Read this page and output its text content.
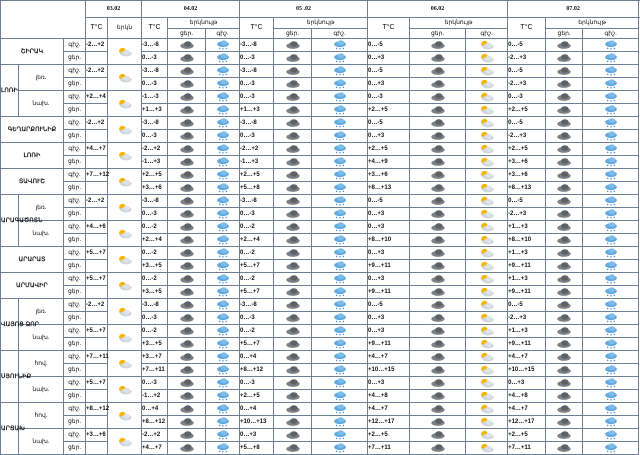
			03.02		04.02			05 .02			06.02			07.02	
			T°C	երկն	T°C	երկնույթ		T°C	երկնույթ		T°C	երկնույթ		T°C	երկնույթ		
						ցեր.	գիշ.		ցեր.	գիշ.		ցեր.	գիշ.		ցեր.	գիշ.		
ՇԻՐԱԿ		գիշ.	-2…+2		-3…-8			-3…-8			0…-5			0…-5	

		ցեր.			0…-3			0…-3			0…+3			-2…+3	

ԼՈՌԻ	լեռ.	գիշ.	-2…+2		-3…-8			-3…-8			0…-5			0…-5	

		ցեր.			0…-3			0…-3			0…+3			-2…+3	

	նախ.	գիշ.	+2…+4		-1…-3			0…-3			0…-3			0…-3	

		ցեր.			+1…+3			+1…+3			+2…+5			+2…+5	

ԳԵՂԱՐՔՈՒՆԻՔ		գիշ.	-2…+2		-3…-8			-3…-8			0…-5			0…-5	

		ցեր.			0…-3			0…-3			0…+3			-2…+3	

ԼՈՌԻ		գիշ.	+4…+7		-2…+2			-2…+2			+2…+5			+2…+5	

		ցեր.			-1…+3			-1…+3			+4…+9			+3…+6	

ՏԱՎՈՒՇ		գիշ.	+7…+12		+2…+5			+2…+5			+3…+6			+3…+6	

		ցեր.			+3…+6			+5…+8			+8…+13			+8…+13	

ԱՐԱԳԱԾՈՏՆ	լեռ.	գիշ.	-2…+2		-3…-8			-3…-8			0…-5			0…-5	

		ցեր.			0…-3			0…-3			0…+3			-2…+3	

	նախ.	գիշ.	+4…+6		0…-2			0…-2			0…+3			+1…+3	

		ցեր.			+2…+4			+2…+4			+8…+10			+8…+10	

ԱՐԱՐԱՏ		գիշ.	+5…+7		0…-2			0…-2			0…+3			+1…+3	

		ցեր.			+3…+5			+5…+7			+9…+11			+9…+11	

ԱՐՄԱՎԻՐ		գիշ.	+5…+7		0…-2			0…-2			0…+3			+1…+3	

		ցեր.			+3…+5			+5…+7			+9…+11			+9…+11	

ՎԱՅՈՑ ՁՈՐ	լեռ.	գիշ.	-2…+2		-3…-8			-3…-8			0…-5			0…-5	

		ցեր.			0…-3			0…-3			0…+3			-2…+3	

	նախ.	գիշ.	+5…+7		0…-2			0…-2			0…+3			+1…+3	

		ցեր.			+3…+5			+5…+7			+9…+11			+9…+11	

ՍՅՈՒՆԻՔ	հով.	գիշ.	+7…+11		+3…+7			0…+4			+4…+7			+4…+7	

		ցեր.			+7…+11			+8…+12			+10…+15			+10…+15	

	նախ.	գիշ.	+5…+7		0…-3			0…-3			0…+3			0…+3	

		ցեր.			-1…+2			+2…+5			+4…+8			+4…+8	

ԱՐՑԱԽ	հով.	գիշ.	+8…+12		0…+4			0…+4			+4…+7			+4…+7	

		ցեր.			+8…+12			+10…+13			+12…+17			+12…+17	

	նախ.	գիշ.	+3…+6		-2…+2			0…+3			+2…+5			+2…+5	

		ցեր.			+4…+7			+5…+8			+7…+11			+7…+11	
